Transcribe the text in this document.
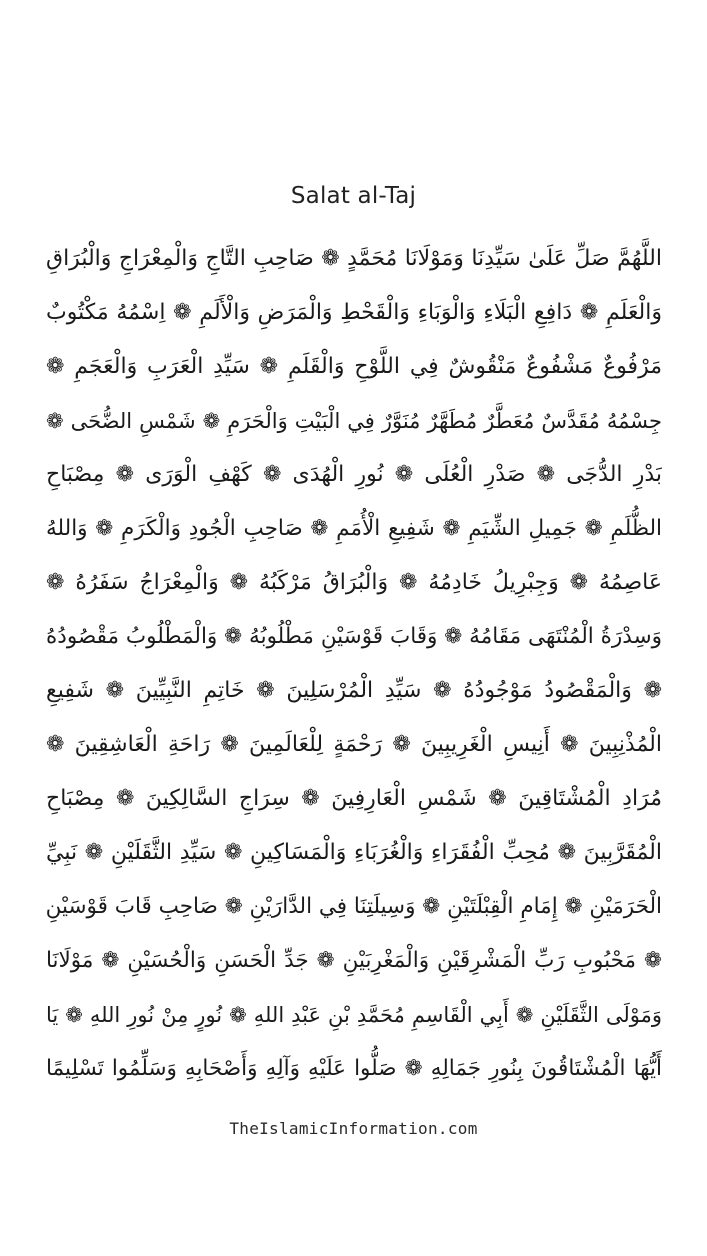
Salat al-Taj
اللَّهُمَّ صَلِّ عَلَىٰ سَيِّدِنَا وَمَوْلَانَا مُحَمَّدٍ ❁ صَاحِبِ التَّاجِ وَالْمِعْرَاجِ وَالْبُرَاقِ
وَالْعَلَمِ ❁ دَافِعِ الْبَلَاءِ وَالْوَبَاءِ وَالْقَحْطِ وَالْمَرَضِ وَالْأَلَمِ ❁ اِسْمُهُ مَكْتُوبٌ
مَرْفُوعٌ مَشْفُوعٌ مَنْقُوشٌ فِي اللَّوْحِ وَالْقَلَمِ ❁ سَيِّدِ الْعَرَبِ وَالْعَجَمِ ❁
جِسْمُهُ مُقَدَّسٌ مُعَطَّرٌ مُطَهَّرٌ مُنَوَّرٌ فِي الْبَيْتِ وَالْحَرَمِ ❁ شَمْسِ الضُّحَى ❁
بَدْرِ الدُّجَى ❁ صَدْرِ الْعُلَى ❁ نُورِ الْهُدَى ❁ كَهْفِ الْوَرَى ❁ مِصْبَاحِ
الظُّلَمِ ❁ جَمِيلِ الشِّيَمِ ❁ شَفِيعِ الْأُمَمِ ❁ صَاحِبِ الْجُودِ وَالْكَرَمِ ❁ وَاللهُ
عَاصِمُهُ ❁ وَجِبْرِيلُ خَادِمُهُ ❁ وَالْبُرَاقُ مَرْكَبُهُ ❁ وَالْمِعْرَاجُ سَفَرُهُ ❁
وَسِدْرَةُ الْمُنْتَهَى مَقَامُهُ ❁ وَقَابَ قَوْسَيْنِ مَطْلُوبُهُ ❁ وَالْمَطْلُوبُ مَقْصُودُهُ
❁ وَالْمَقْصُودُ مَوْجُودُهُ ❁ سَيِّدِ الْمُرْسَلِينَ ❁ خَاتِمِ النَّبِيِّينَ ❁ شَفِيعِ
الْمُذْنِبِينَ ❁ أَنِيسِ الْغَرِيبِينَ ❁ رَحْمَةٍ لِلْعَالَمِينَ ❁ رَاحَةِ الْعَاشِقِينَ ❁
مُرَادِ الْمُشْتَاقِينَ ❁ شَمْسِ الْعَارِفِينَ ❁ سِرَاجِ السَّالِكِينَ ❁ مِصْبَاحِ
الْمُقَرَّبِينَ ❁ مُحِبِّ الْفُقَرَاءِ وَالْغُرَبَاءِ وَالْمَسَاكِينِ ❁ سَيِّدِ الثَّقَلَيْنِ ❁ نَبِيِّ
الْحَرَمَيْنِ ❁ إِمَامِ الْقِبْلَتَيْنِ ❁ وَسِيلَتِنَا فِي الدَّارَيْنِ ❁ صَاحِبِ قَابَ قَوْسَيْنِ
❁ مَحْبُوبِ رَبِّ الْمَشْرِقَيْنِ وَالْمَغْرِبَيْنِ ❁ جَدِّ الْحَسَنِ وَالْحُسَيْنِ ❁ مَوْلَانَا
وَمَوْلَى الثَّقَلَيْنِ ❁ أَبِي الْقَاسِمِ مُحَمَّدِ بْنِ عَبْدِ اللهِ ❁ نُورٍ مِنْ نُورِ اللهِ ❁ يَا
أَيُّهَا الْمُشْتَاقُونَ بِنُورِ جَمَالِهِ ❁ صَلُّوا عَلَيْهِ وَآلِهِ وَأَصْحَابِهِ وَسَلِّمُوا تَسْلِيمًا
TheIslamicInformation.com
